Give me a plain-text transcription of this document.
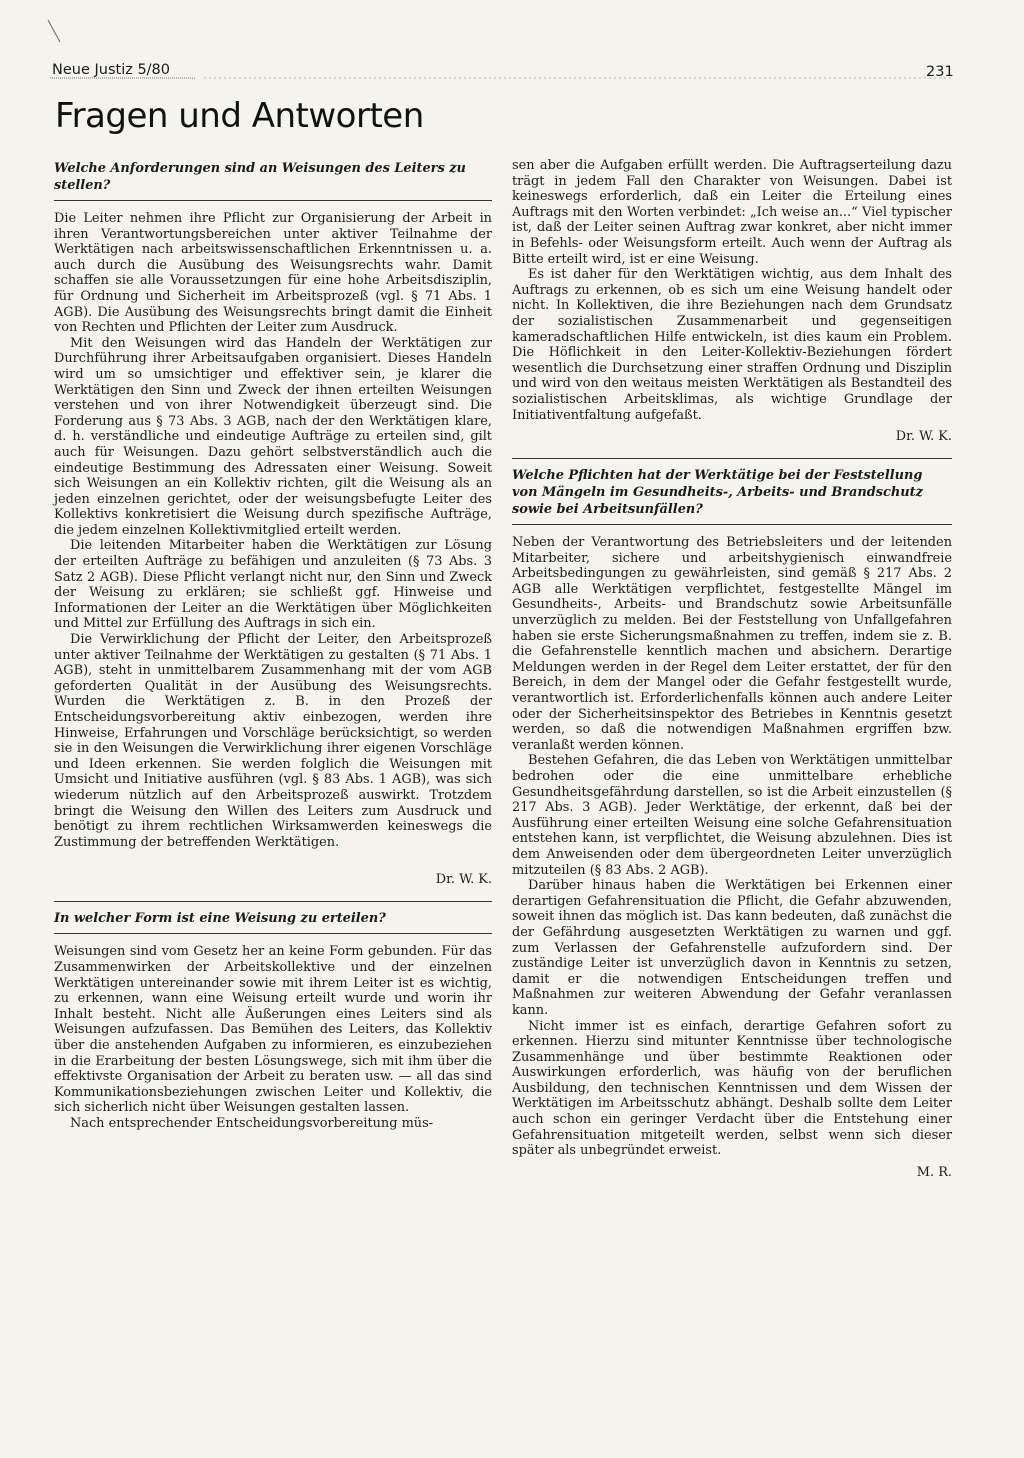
Neue Justiz 5/80	231
Fragen und Antworten

Welche Anforderungen sind an Weisungen des Leiters zu stellen?

Die Leiter nehmen ihre Pflicht zur Organisierung der Arbeit in ihren Verantwortungsbereichen unter aktiver Teilnahme der Werktätigen nach arbeitswissenschaftlichen Erkenntnissen u. a. auch durch die Ausübung des Weisungsrechts wahr. Damit schaffen sie alle Voraussetzungen für eine hohe Arbeitsdisziplin, für Ordnung und Sicherheit im Arbeitsprozeß (vgl. § 71 Abs. 1 AGB). Die Ausübung des Weisungsrechts bringt damit die Einheit von Rechten und Pflichten der Leiter zum Ausdruck.

Mit den Weisungen wird das Handeln der Werktätigen zur Durchführung ihrer Arbeitsaufgaben organisiert. Dieses Handeln wird um so umsichtiger und effektiver sein, je klarer die Werktätigen den Sinn und Zweck der ihnen erteilten Weisungen verstehen und von ihrer Notwendigkeit überzeugt sind. Die Forderung aus § 73 Abs. 3 AGB, nach der den Werktätigen klare, d. h. verständliche und eindeutige Aufträge zu erteilen sind, gilt auch für Weisungen. Dazu gehört selbstverständlich auch die eindeutige Bestimmung des Adressaten einer Weisung. Soweit sich Weisungen an ein Kollektiv richten, gilt die Weisung als an jeden einzelnen gerichtet, oder der weisungsbefugte Leiter des Kollektivs konkretisiert die Weisung durch spezifische Aufträge, die jedem einzelnen Kollektivmitglied erteilt werden.

Die leitenden Mitarbeiter haben die Werktätigen zur Lösung der erteilten Aufträge zu befähigen und anzuleiten (§ 73 Abs. 3 Satz 2 AGB). Diese Pflicht verlangt nicht nur, den Sinn und Zweck der Weisung zu erklären; sie schließt ggf. Hinweise und Informationen der Leiter an die Werktätigen über Möglichkeiten und Mittel zur Erfüllung des Auftrags in sich ein.

Die Verwirklichung der Pflicht der Leiter, den Arbeitsprozeß unter aktiver Teilnahme der Werktätigen zu gestalten (§ 71 Abs. 1 AGB), steht in unmittelbarem Zusammenhang mit der vom AGB geforderten Qualität in der Ausübung des Weisungsrechts. Wurden die Werktätigen z. B. in den Prozeß der Entscheidungsvorbereitung aktiv einbezogen, werden ihre Hinweise, Erfahrungen und Vorschläge berücksichtigt, so werden sie in den Weisungen die Verwirklichung ihrer eigenen Vorschläge und Ideen erkennen. Sie werden folglich die Weisungen mit Umsicht und Initiative ausführen (vgl. § 83 Abs. 1 AGB), was sich wiederum nützlich auf den Arbeitsprozeß auswirkt. Trotzdem bringt die Weisung den Willen des Leiters zum Ausdruck und benötigt zu ihrem rechtlichen Wirksamwerden keineswegs die Zustimmung der betreffenden Werktätigen.

Dr. W. K.

In welcher Form ist eine Weisung zu erteilen?

Weisungen sind vom Gesetz her an keine Form gebunden. Für das Zusammenwirken der Arbeitskollektive und der einzelnen Werktätigen untereinander sowie mit ihrem Leiter ist es wichtig, zu erkennen, wann eine Weisung erteilt wurde und worin ihr Inhalt besteht. Nicht alle Äußerungen eines Leiters sind als Weisungen aufzufassen. Das Bemühen des Leiters, das Kollektiv über die anstehenden Aufgaben zu informieren, es einzubeziehen in die Erarbeitung der besten Lösungswege, sich mit ihm über die effektivste Organisation der Arbeit zu beraten usw. — all das sind Kommunikationsbeziehungen zwischen Leiter und Kollektiv, die sich sicherlich nicht über Weisungen gestalten lassen.

Nach entsprechender Entscheidungsvorbereitung müs-

sen aber die Aufgaben erfüllt werden. Die Auftragserteilung dazu trägt in jedem Fall den Charakter von Weisungen. Dabei ist keineswegs erforderlich, daß ein Leiter die Erteilung eines Auftrags mit den Worten verbindet: „Ich weise an...“ Viel typischer ist, daß der Leiter seinen Auftrag zwar konkret, aber nicht immer in Befehls- oder Weisungsform erteilt. Auch wenn der Auftrag als Bitte erteilt wird, ist er eine Weisung.

Es ist daher für den Werktätigen wichtig, aus dem Inhalt des Auftrags zu erkennen, ob es sich um eine Weisung handelt oder nicht. In Kollektiven, die ihre Beziehungen nach dem Grundsatz der sozialistischen Zusammenarbeit und gegenseitigen kameradschaftlichen Hilfe entwickeln, ist dies kaum ein Problem. Die Höflichkeit in den Leiter-Kollektiv-Beziehungen fördert wesentlich die Durchsetzung einer straffen Ordnung und Disziplin und wird von den weitaus meisten Werktätigen als Bestandteil des sozialistischen Arbeitsklimas, als wichtige Grundlage der Initiativentfaltung aufgefaßt.

Dr. W. K.

Welche Pflichten hat der Werktätige bei der Feststellung von Mängeln im Gesundheits-, Arbeits- und Brandschutz sowie bei Arbeitsunfällen?

Neben der Verantwortung des Betriebsleiters und der leitenden Mitarbeiter, sichere und arbeitshygienisch einwandfreie Arbeitsbedingungen zu gewährleisten, sind gemäß § 217 Abs. 2 AGB alle Werktätigen verpflichtet, festgestellte Mängel im Gesundheits-, Arbeits- und Brandschutz sowie Arbeitsunfälle unverzüglich zu melden. Bei der Feststellung von Unfallgefahren haben sie erste Sicherungsmaßnahmen zu treffen, indem sie z. B. die Gefahrenstelle kenntlich machen und absichern. Derartige Meldungen werden in der Regel dem Leiter erstattet, der für den Bereich, in dem der Mangel oder die Gefahr festgestellt wurde, verantwortlich ist. Erforderlichenfalls können auch andere Leiter oder der Sicherheitsinspektor des Betriebes in Kenntnis gesetzt werden, so daß die notwendigen Maßnahmen ergriffen bzw. veranlaßt werden können.

Bestehen Gefahren, die das Leben von Werktätigen unmittelbar bedrohen oder die eine unmittelbare erhebliche Gesundheitsgefährdung darstellen, so ist die Arbeit einzustellen (§ 217 Abs. 3 AGB). Jeder Werktätige, der erkennt, daß bei der Ausführung einer erteilten Weisung eine solche Gefahrensituation entstehen kann, ist verpflichtet, die Weisung abzulehnen. Dies ist dem Anweisenden oder dem übergeordneten Leiter unverzüglich mitzuteilen (§ 83 Abs. 2 AGB).

Darüber hinaus haben die Werktätigen bei Erkennen einer derartigen Gefahrensituation die Pflicht, die Gefahr abzuwenden, soweit ihnen das möglich ist. Das kann bedeuten, daß zunächst die der Gefährdung ausgesetzten Werktätigen zu warnen und ggf. zum Verlassen der Gefahrenstelle aufzufordern sind. Der zuständige Leiter ist unverzüglich davon in Kenntnis zu setzen, damit er die notwendigen Entscheidungen treffen und Maßnahmen zur weiteren Abwendung der Gefahr veranlassen kann.

Nicht immer ist es einfach, derartige Gefahren sofort zu erkennen. Hierzu sind mitunter Kenntnisse über technologische Zusammenhänge und über bestimmte Reaktionen oder Auswirkungen erforderlich, was häufig von der beruflichen Ausbildung, den technischen Kenntnissen und dem Wissen der Werktätigen im Arbeitsschutz abhängt. Deshalb sollte dem Leiter auch schon ein geringer Verdacht über die Entstehung einer Gefahrensituation mitgeteilt werden, selbst wenn sich dieser später als unbegründet erweist.

M. R.
